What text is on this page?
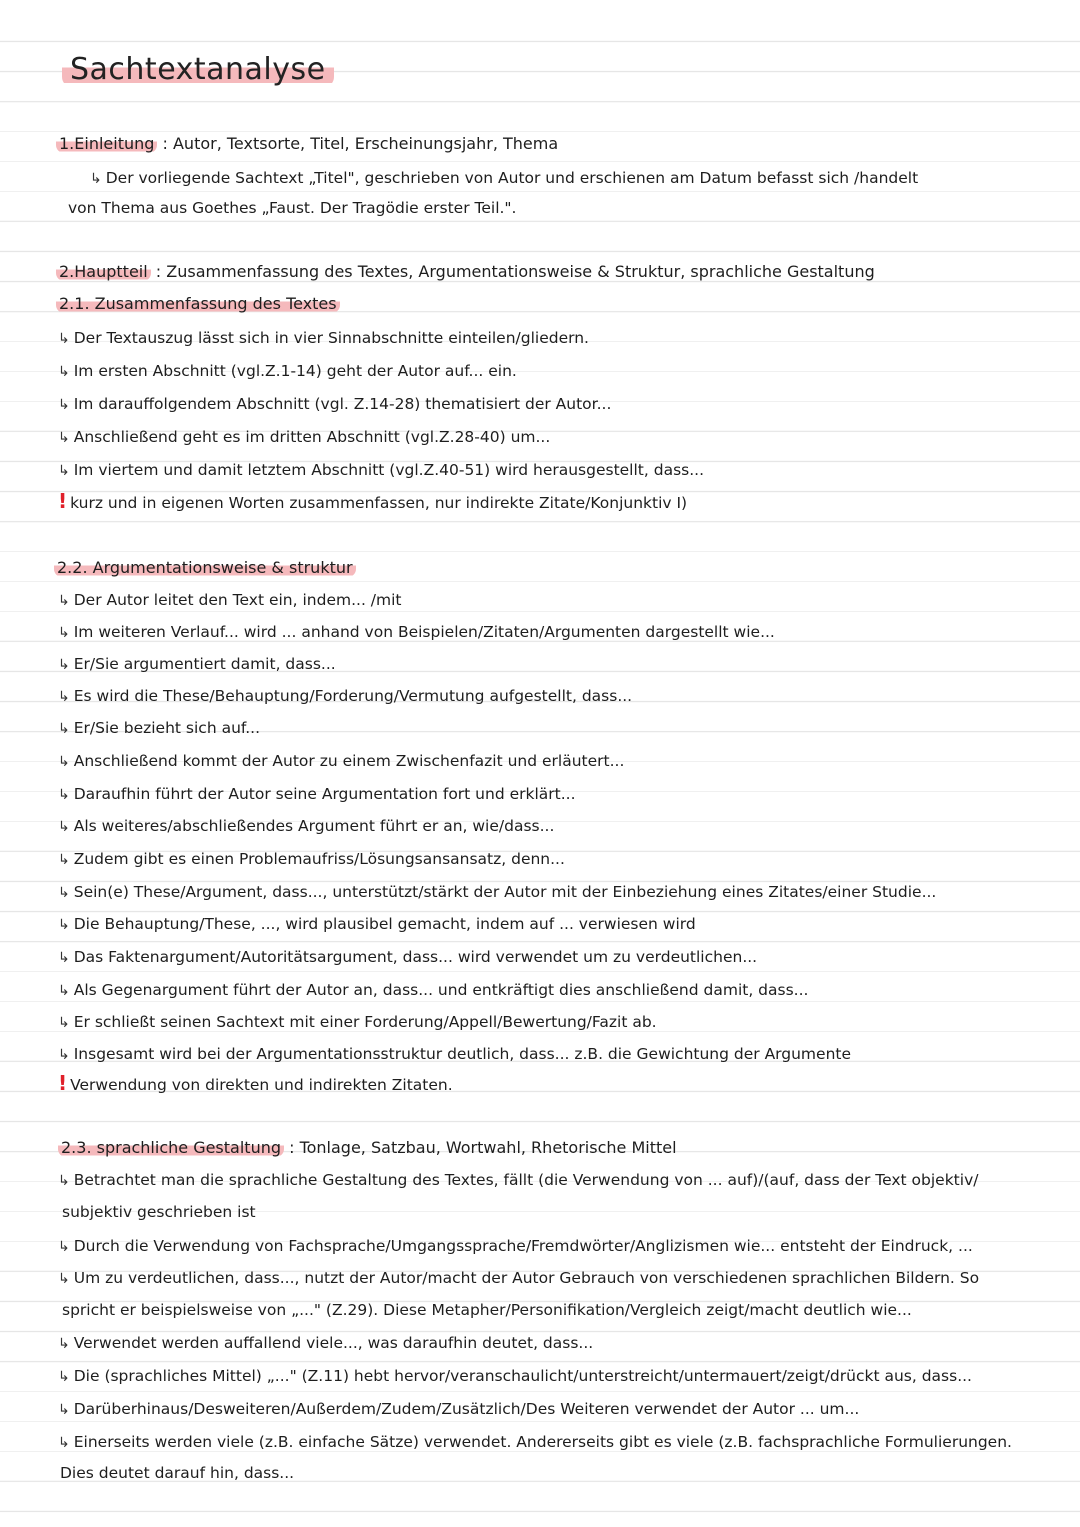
Sachtextanalyse
1.Einleitung : Autor, Textsorte, Titel, Erscheinungsjahr, Thema
↳ Der vorliegende Sachtext „Titel", geschrieben von Autor und erschienen am Datum befasst sich /handelt
von Thema aus Goethes „Faust. Der Tragödie erster Teil.".
2.Hauptteil : Zusammenfassung des Textes, Argumentationsweise & Struktur, sprachliche Gestaltung
2.1. Zusammenfassung des Textes
↳ Der Textauszug lässt sich in vier Sinnabschnitte einteilen/gliedern.
↳ Im ersten Abschnitt (vgl.Z.1-14) geht der Autor auf... ein.
↳ Im darauffolgendem Abschnitt (vgl. Z.14-28) thematisiert der Autor...
↳ Anschließend geht es im dritten Abschnitt (vgl.Z.28-40) um...
↳ Im viertem und damit letztem Abschnitt (vgl.Z.40-51) wird herausgestellt, dass...
! kurz und in eigenen Worten zusammenfassen, nur indirekte Zitate/Konjunktiv I)
2.2. Argumentationsweise & struktur
↳ Der Autor leitet den Text ein, indem... /mit
↳ Im weiteren Verlauf... wird ... anhand von Beispielen/Zitaten/Argumenten dargestellt wie...
↳ Er/Sie argumentiert damit, dass...
↳ Es wird die These/Behauptung/Forderung/Vermutung aufgestellt, dass...
↳ Er/Sie bezieht sich auf...
↳ Anschließend kommt der Autor zu einem Zwischenfazit und erläutert...
↳ Daraufhin führt der Autor seine Argumentation fort und erklärt...
↳ Als weiteres/abschließendes Argument führt er an, wie/dass...
↳ Zudem gibt es einen Problemaufriss/Lösungsansansatz, denn...
↳ Sein(e) These/Argument, dass..., unterstützt/stärkt der Autor mit der Einbeziehung eines Zitates/einer Studie...
↳ Die Behauptung/These, ..., wird plausibel gemacht, indem auf ... verwiesen wird
↳ Das Faktenargument/Autoritätsargument, dass... wird verwendet um zu verdeutlichen...
↳ Als Gegenargument führt der Autor an, dass... und entkräftigt dies anschließend damit, dass...
↳ Er schließt seinen Sachtext mit einer Forderung/Appell/Bewertung/Fazit ab.
↳ Insgesamt wird bei der Argumentationsstruktur deutlich, dass... z.B. die Gewichtung der Argumente
! Verwendung von direkten und indirekten Zitaten.
2.3. sprachliche Gestaltung : Tonlage, Satzbau, Wortwahl, Rhetorische Mittel
↳ Betrachtet man die sprachliche Gestaltung des Textes, fällt (die Verwendung von ... auf)/(auf, dass der Text objektiv/
subjektiv geschrieben ist
↳ Durch die Verwendung von Fachsprache/Umgangssprache/Fremdwörter/Anglizismen wie... entsteht der Eindruck, ...
↳ Um zu verdeutlichen, dass..., nutzt der Autor/macht der Autor Gebrauch von verschiedenen sprachlichen Bildern. So
spricht er beispielsweise von „..." (Z.29). Diese Metapher/Personifikation/Vergleich zeigt/macht deutlich wie...
↳ Verwendet werden auffallend viele..., was daraufhin deutet, dass...
↳ Die (sprachliches Mittel) „..." (Z.11) hebt hervor/veranschaulicht/unterstreicht/untermauert/zeigt/drückt aus, dass...
↳ Darüberhinaus/Desweiteren/Außerdem/Zudem/Zusätzlich/Des Weiteren verwendet der Autor ... um...
↳ Einerseits werden viele (z.B. einfache Sätze) verwendet. Andererseits gibt es viele (z.B. fachsprachliche Formulierungen.
Dies deutet darauf hin, dass...
